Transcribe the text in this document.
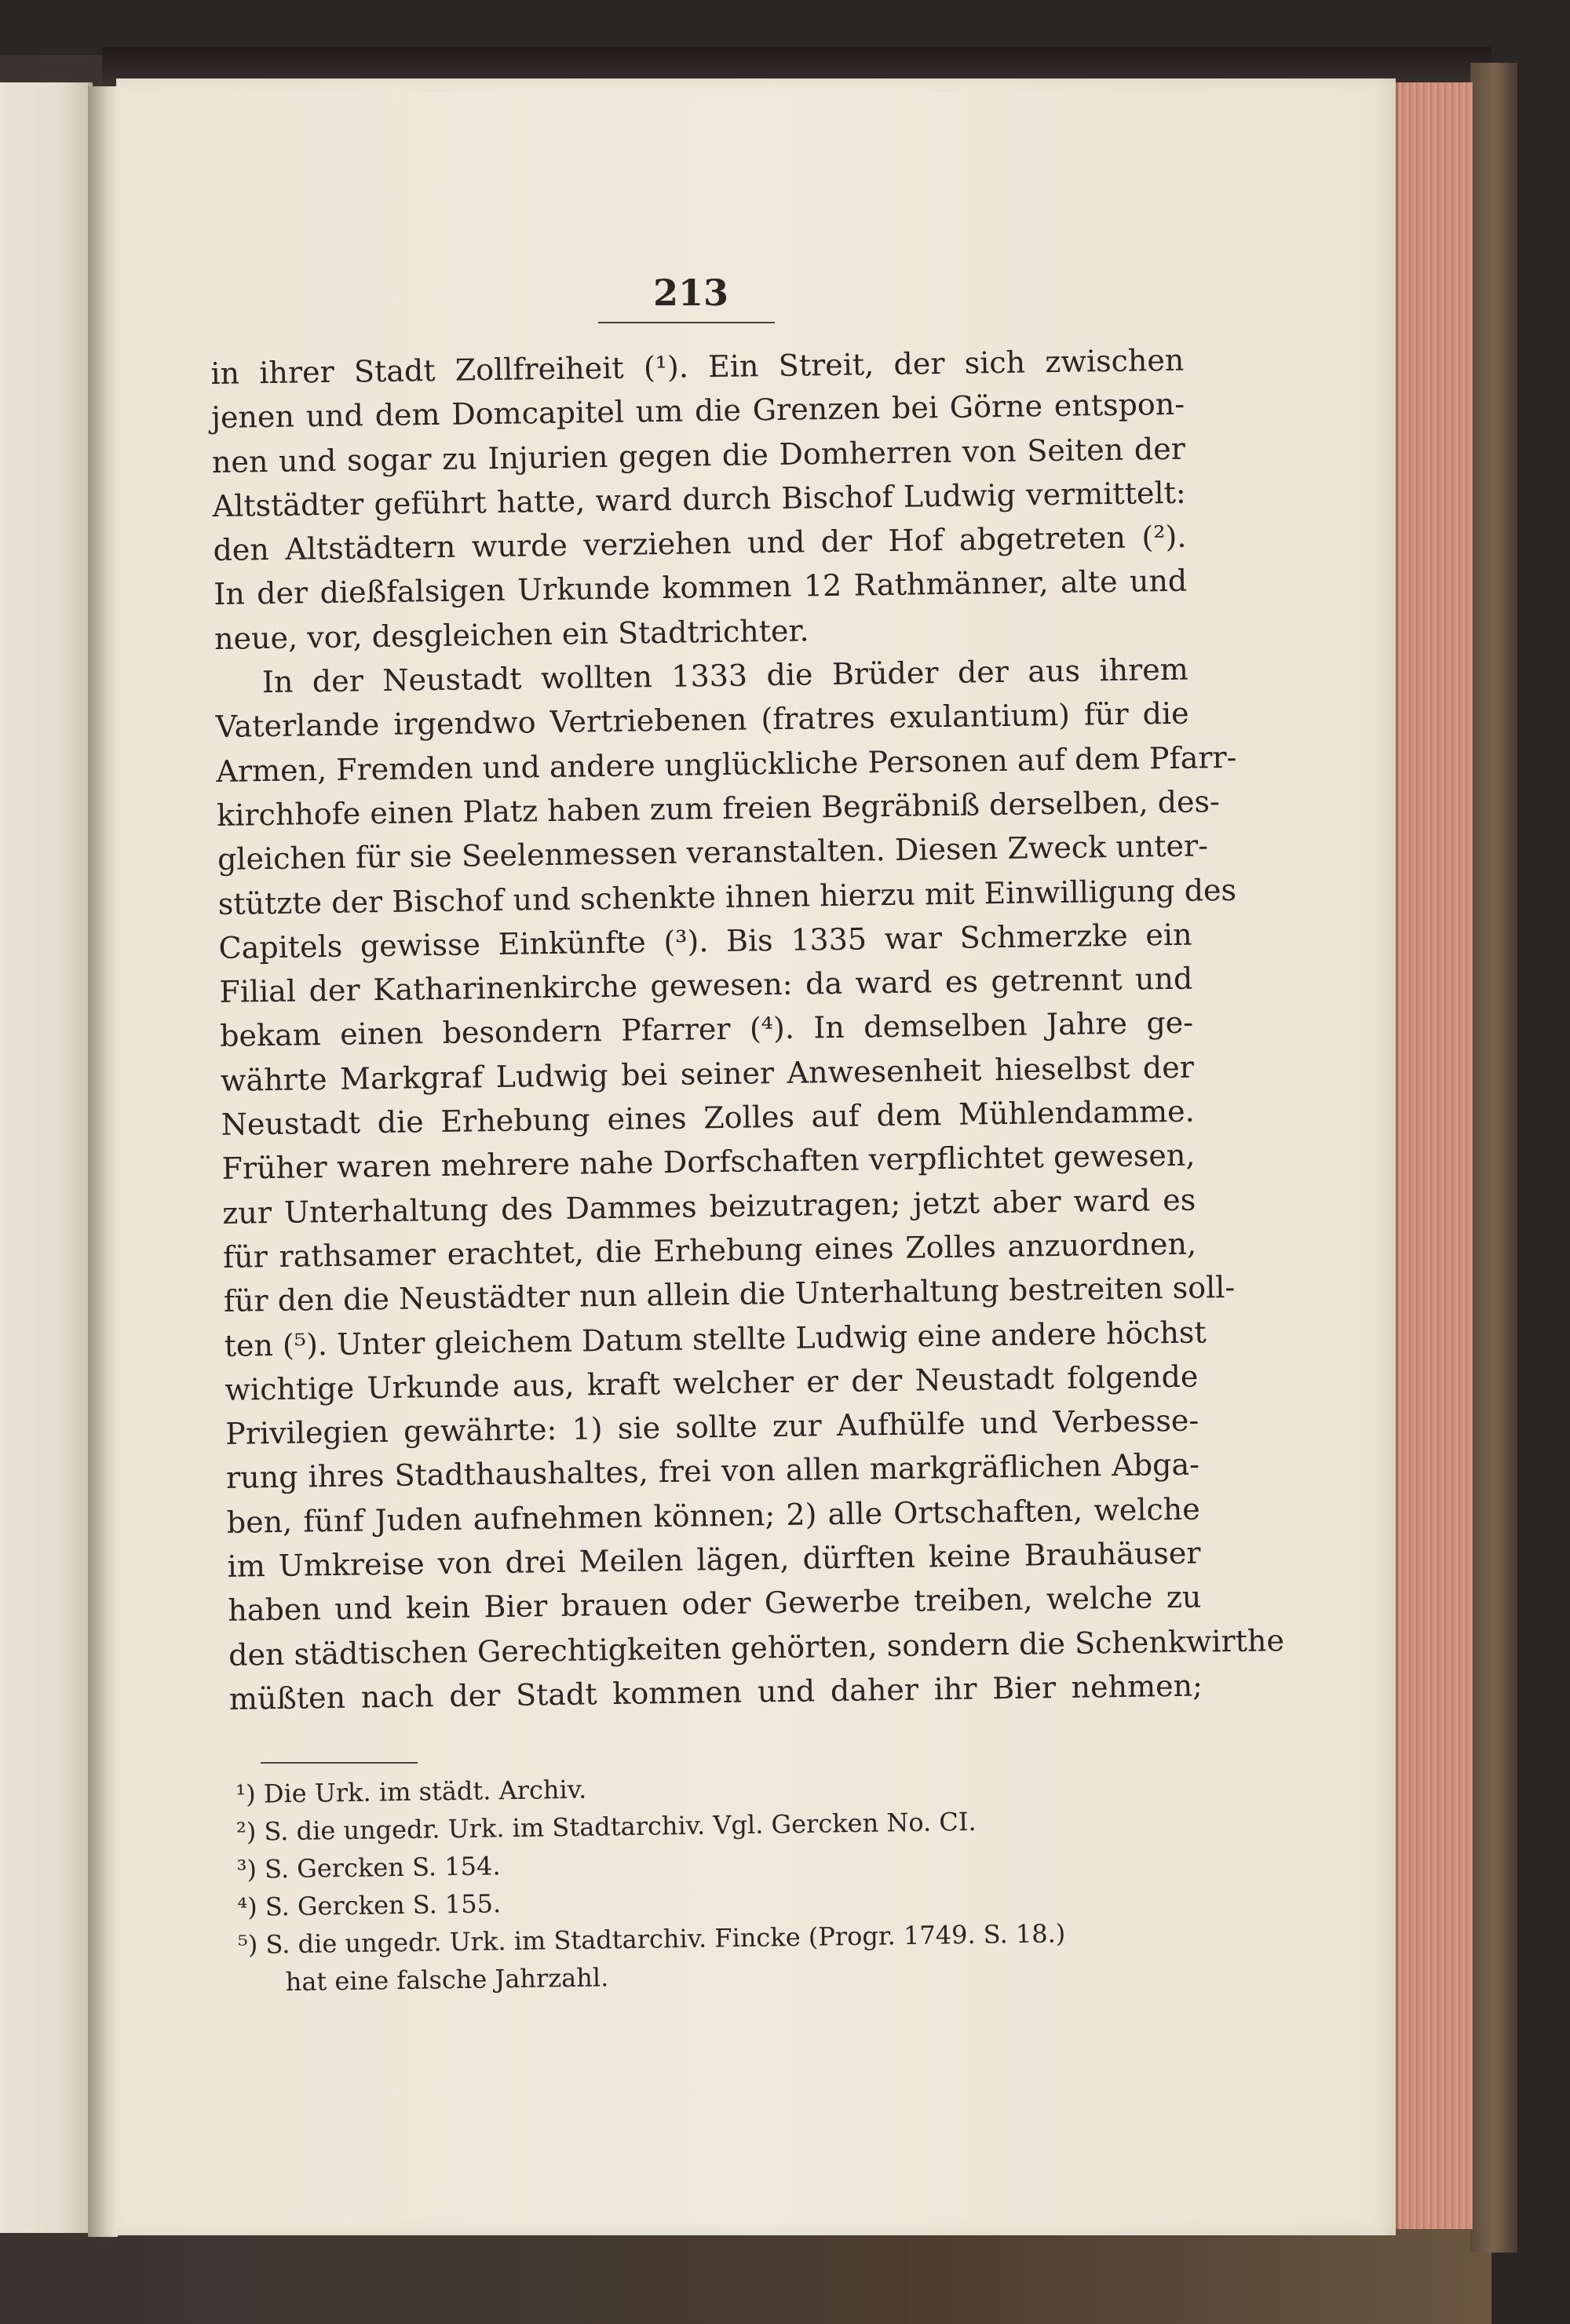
213
in ihrer Stadt Zollfreiheit (¹). Ein Streit, der sich zwischen
jenen und dem Domcapitel um die Grenzen bei Görne entspon-
nen und sogar zu Injurien gegen die Domherren von Seiten der
Altstädter geführt hatte, ward durch Bischof Ludwig vermittelt:
den Altstädtern wurde verziehen und der Hof abgetreten (²).
In der dießfalsigen Urkunde kommen 12 Rathmänner, alte und
neue, vor, desgleichen ein Stadtrichter.
In der Neustadt wollten 1333 die Brüder der aus ihrem
Vaterlande irgendwo Vertriebenen (fratres exulantium) für die
Armen, Fremden und andere unglückliche Personen auf dem Pfarr-
kirchhofe einen Platz haben zum freien Begräbniß derselben, des-
gleichen für sie Seelenmessen veranstalten. Diesen Zweck unter-
stützte der Bischof und schenkte ihnen hierzu mit Einwilligung des
Capitels gewisse Einkünfte (³). Bis 1335 war Schmerzke ein
Filial der Katharinenkirche gewesen: da ward es getrennt und
bekam einen besondern Pfarrer (⁴). In demselben Jahre ge-
währte Markgraf Ludwig bei seiner Anwesenheit hieselbst der
Neustadt die Erhebung eines Zolles auf dem Mühlendamme.
Früher waren mehrere nahe Dorfschaften verpflichtet gewesen,
zur Unterhaltung des Dammes beizutragen; jetzt aber ward es
für rathsamer erachtet, die Erhebung eines Zolles anzuordnen,
für den die Neustädter nun allein die Unterhaltung bestreiten soll-
ten (⁵). Unter gleichem Datum stellte Ludwig eine andere höchst
wichtige Urkunde aus, kraft welcher er der Neustadt folgende
Privilegien gewährte: 1) sie sollte zur Aufhülfe und Verbesse-
rung ihres Stadthaushaltes, frei von allen markgräflichen Abga-
ben, fünf Juden aufnehmen können; 2) alle Ortschaften, welche
im Umkreise von drei Meilen lägen, dürften keine Brauhäuser
haben und kein Bier brauen oder Gewerbe treiben, welche zu
den städtischen Gerechtigkeiten gehörten, sondern die Schenkwirthe
müßten nach der Stadt kommen und daher ihr Bier nehmen;
¹) Die Urk. im städt. Archiv.
²) S. die ungedr. Urk. im Stadtarchiv. Vgl. Gercken No. CI.
³) S. Gercken S. 154.
⁴) S. Gercken S. 155.
⁵) S. die ungedr. Urk. im Stadtarchiv. Fincke (Progr. 1749. S. 18.)
hat eine falsche Jahrzahl.
